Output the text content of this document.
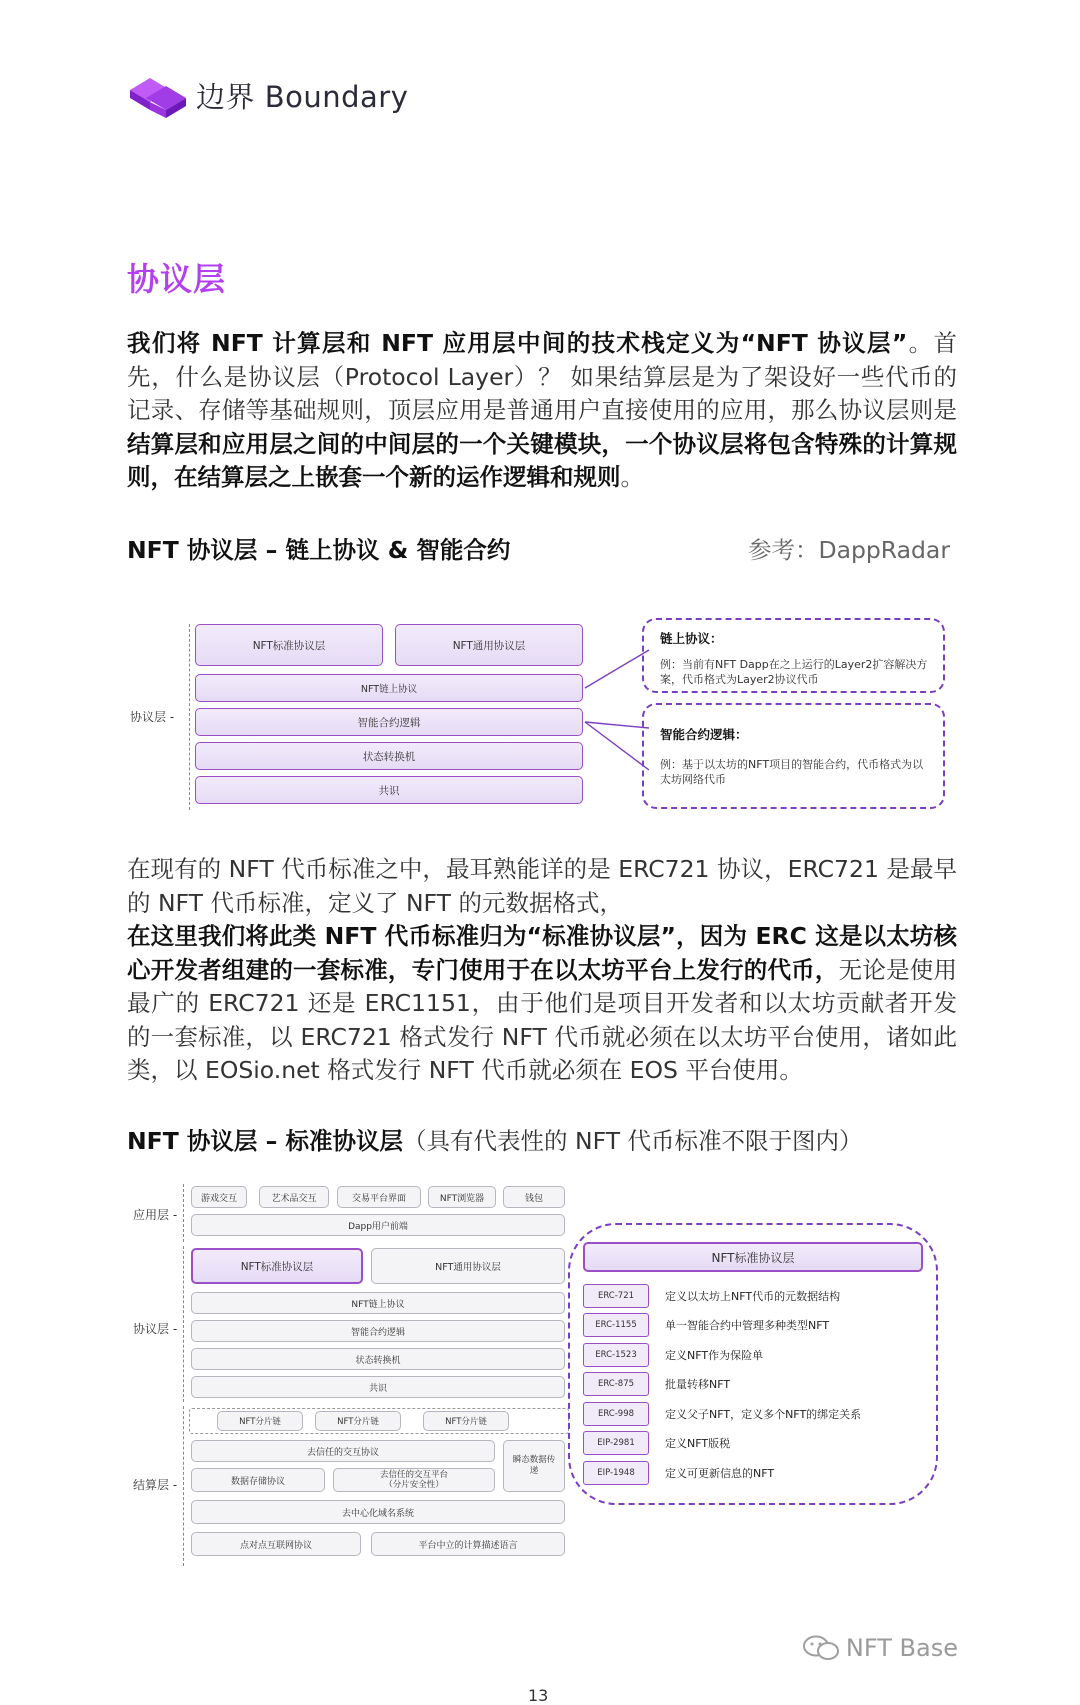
边界 Boundary
协议层
我们将 NFT 计算层和 NFT 应用层中间的技术栈定义为“NFT 协议层”。首先，什么是协议层（Protocol Layer）？ 如果结算层是为了架设好一些代币的记录、存储等基础规则，顶层应用是普通用户直接使用的应用，那么协议层则是结算层和应用层之间的中间层的一个关键模块，一个协议层将包含特殊的计算规则，在结算层之上嵌套一个新的运作逻辑和规则。
NFT 协议层 – 链上协议 & 智能合约	参考：DappRadar
协议层 -
NFT标准协议层	NFT通用协议层
NFT链上协议
智能合约逻辑
状态转换机
共识
链上协议：
例：当前有NFT Dapp在之上运行的Layer2扩容解决方案，代币格式为Layer2协议代币
智能合约逻辑：
例：基于以太坊的NFT项目的智能合约，代币格式为以太坊网络代币
在现有的 NFT 代币标准之中，最耳熟能详的是 ERC721 协议，ERC721 是最早的 NFT 代币标准，定义了 NFT 的元数据格式，
在这里我们将此类 NFT 代币标准归为“标准协议层”，因为 ERC 这是以太坊核心开发者组建的一套标准，专门使用于在以太坊平台上发行的代币，无论是使用最广的 ERC721 还是 ERC1151，由于他们是项目开发者和以太坊贡献者开发的一套标准，以 ERC721 格式发行 NFT 代币就必须在以太坊平台使用，诸如此类，以 EOSio.net 格式发行 NFT 代币就必须在 EOS 平台使用。
NFT 协议层 – 标准协议层（具有代表性的 NFT 代币标准不限于图内）
应用层 -
游戏交互	艺术品交互	交易平台界面	NFT浏览器	钱包
Dapp用户前端
协议层 -
NFT标准协议层	NFT通用协议层
NFT链上协议
智能合约逻辑
状态转换机
共识
结算层 -
NFT分片链	NFT分片链	NFT分片链
去信任的交互协议
瞬态数据传递
数据存储协议
去信任的交互平台
（分片安全性）
去中心化域名系统
点对点互联网协议	平台中立的计算描述语言
NFT标准协议层
ERC-721	定义以太坊上NFT代币的元数据结构
ERC-1155	单一智能合约中管理多种类型NFT
ERC-1523	定义NFT作为保险单
ERC-875	批量转移NFT
ERC-998	定义父子NFT，定义多个NFT的绑定关系
EIP-2981	定义NFT版税
EIP-1948	定义可更新信息的NFT
NFT Base
13
